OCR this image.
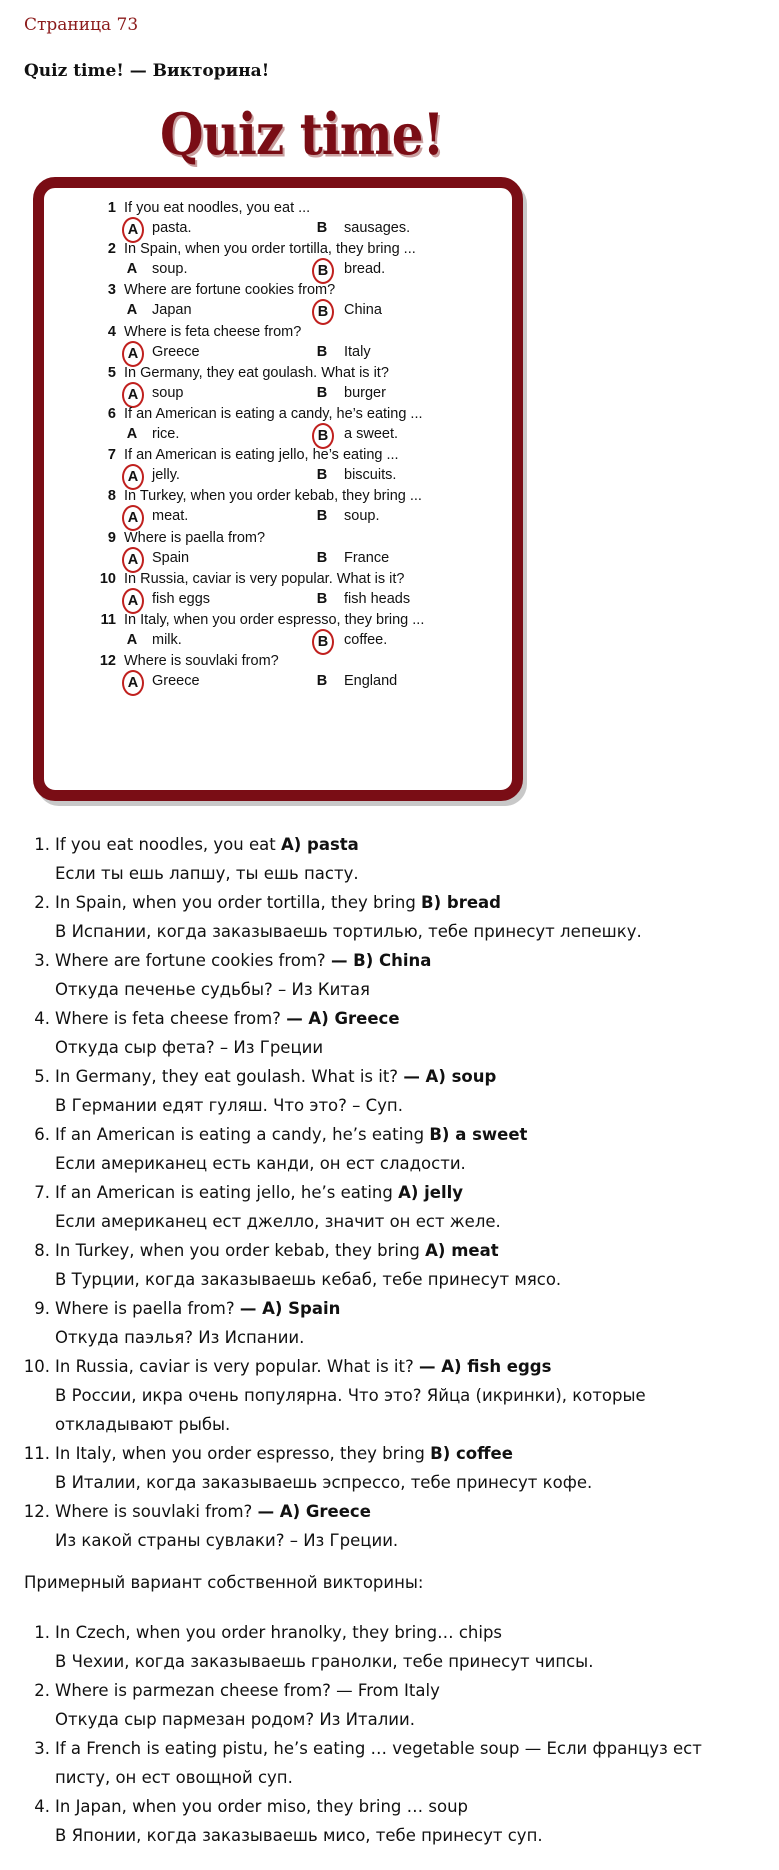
Страница 73
Quiz time! — Викторина!
Quiz time!
1 If you eat noodles, you eat ...
A pasta.	B	sausages.
2 In Spain, when you order tortilla, they bring ...
A	soup.	B	bread.
3 Where are fortune cookies from?
A	Japan	B	China
4 Where is feta cheese from?
A Greece	B	Italy
5 In Germany, they eat goulash. What is it?
A soup	B	burger
6 If an American is eating a candy, he’s eating ...
A	rice.	B	a sweet.
7 If an American is eating jello, he’s eating ...
A jelly.	B	biscuits.
8 In Turkey, when you order kebab, they bring ...
A meat.	B	soup.
9 Where is paella from?
A Spain	B	France
10 In Russia, caviar is very popular. What is it?
A fish eggs	B	fish heads
11 In Italy, when you order espresso, they bring ...
A	milk.	B	coffee.
12 Where is souvlaki from?
A Greece	B	England
1. If you eat noodles, you eat A) pasta
Если ты ешь лапшу, ты ешь пасту.
2. In Spain, when you order tortilla, they bring B) bread
В Испании, когда заказываешь тортилью, тебе принесут лепешку.
3. Where are fortune cookies from? — B) China
Откуда печенье судьбы? – Из Китая
4. Where is feta cheese from? — A) Greece
Откуда сыр фета? – Из Греции
5. In Germany, they eat goulash. What is it? — A) soup
В Германии едят гуляш. Что это? – Суп.
6. If an American is eating a candy, he’s eating B) a sweet
Если американец есть канди, он ест сладости.
7. If an American is eating jello, he’s eating A) jelly
Если американец ест джелло, значит он ест желе.
8. In Turkey, when you order kebab, they bring A) meat
В Турции, когда заказываешь кебаб, тебе принесут мясо.
9. Where is paella from? — A) Spain
Откуда паэлья? Из Испании.
10. In Russia, caviar is very popular. What is it? — A) fish eggs
В России, икра очень популярна. Что это? Яйца (икринки), которые откладывают рыбы.
11. In Italy, when you order espresso, they bring B) coffee
В Италии, когда заказываешь эспрессо, тебе принесут кофе.
12. Where is souvlaki from? — A) Greece
Из какой страны сувлаки? – Из Греции.
Примерный вариант собственной викторины:
1. In Czech, when you order hranolky, they bring… chips
В Чехии, когда заказываешь гранолки, тебе принесут чипсы.
2. Where is parmezan cheese from? — From Italy
Откуда сыр пармезан родом? Из Италии.
3. If a French is eating pistu, he’s eating … vegetable soup — Если француз ест писту, он ест овощной суп.
4. In Japan, when you order miso, they bring … soup
В Японии, когда заказываешь мисо, тебе принесут суп.
